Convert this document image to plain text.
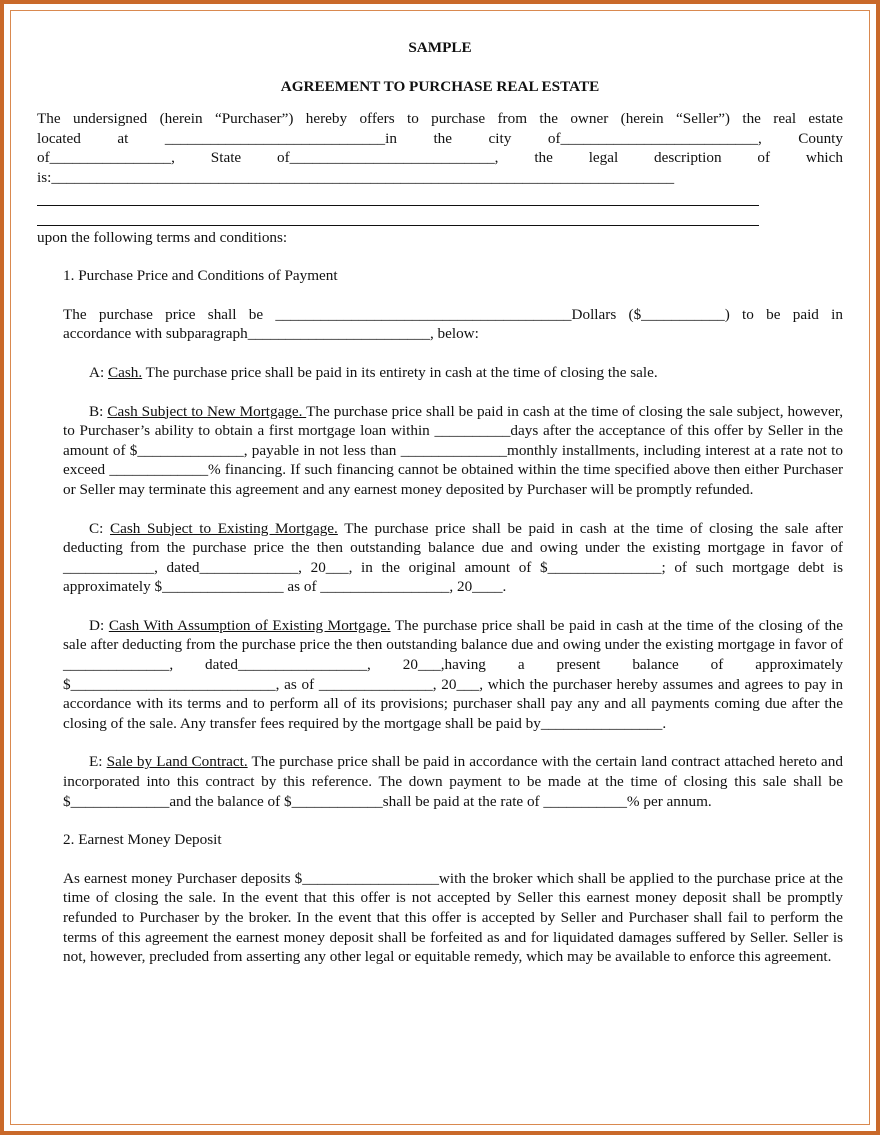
SAMPLE
AGREEMENT TO PURCHASE REAL ESTATE

The undersigned (herein “Purchaser”) hereby offers to purchase from the owner (herein “Seller”) the real estate

located at _____________________________in the city of__________________________, County

of________________, State of___________________________, the legal description of which

is:__________________________________________________________________________________

upon the following terms and conditions:

1. Purchase Price and Conditions of Payment

The purchase price shall be _______________________________________Dollars ($___________) to be paid in

accordance with subparagraph________________________, below:

A: Cash. The purchase price shall be paid in its entirety in cash at the time of closing the sale.

B: Cash Subject to New Mortgage. The purchase price shall be paid in cash at the time of closing the sale subject, however, to Purchaser’s ability to obtain a first mortgage loan within __________days after the acceptance of this offer by Seller in the amount of $______________, payable in not less than ______________monthly installments, including interest at a rate not to exceed _____________% financing. If such financing cannot be obtained within the time specified above then either Purchaser or Seller may terminate this agreement and any earnest money deposited by Purchaser will be promptly refunded.

C: Cash Subject to Existing Mortgage. The purchase price shall be paid in cash at the time of closing the sale after deducting from the purchase price the then outstanding balance due and owing under the existing mortgage in favor of ____________, dated_____________, 20___, in the original amount of $_______________; of such mortgage debt is approximately $________________ as of _________________, 20____.

D: Cash With Assumption of Existing Mortgage. The purchase price shall be paid in cash at the time of the closing of the sale after deducting from the purchase price the then outstanding balance due and owing under the existing mortgage in favor of ______________, dated_________________, 20___,having a present balance of approximately $___________________________, as of _______________, 20___, which the purchaser hereby assumes and agrees to pay in accordance with its terms and to perform all of its provisions; purchaser shall pay any and all payments coming due after the closing of the sale. Any transfer fees required by the mortgage shall be paid by________________.

E: Sale by Land Contract. The purchase price shall be paid in accordance with the certain land contract attached hereto and incorporated into this contract by this reference. The down payment to be made at the time of closing this sale shall be $_____________and the balance of $____________shall be paid at the rate of ___________% per annum.

2. Earnest Money Deposit

As earnest money Purchaser deposits $__________________with the broker which shall be applied to the purchase price at the time of closing the sale. In the event that this offer is not accepted by Seller this earnest money deposit shall be promptly refunded to Purchaser by the broker. In the event that this offer is accepted by Seller and Purchaser shall fail to perform the terms of this agreement the earnest money deposit shall be forfeited as and for liquidated damages suffered by Seller. Seller is not, however, precluded from asserting any other legal or equitable remedy, which may be available to enforce this agreement.
